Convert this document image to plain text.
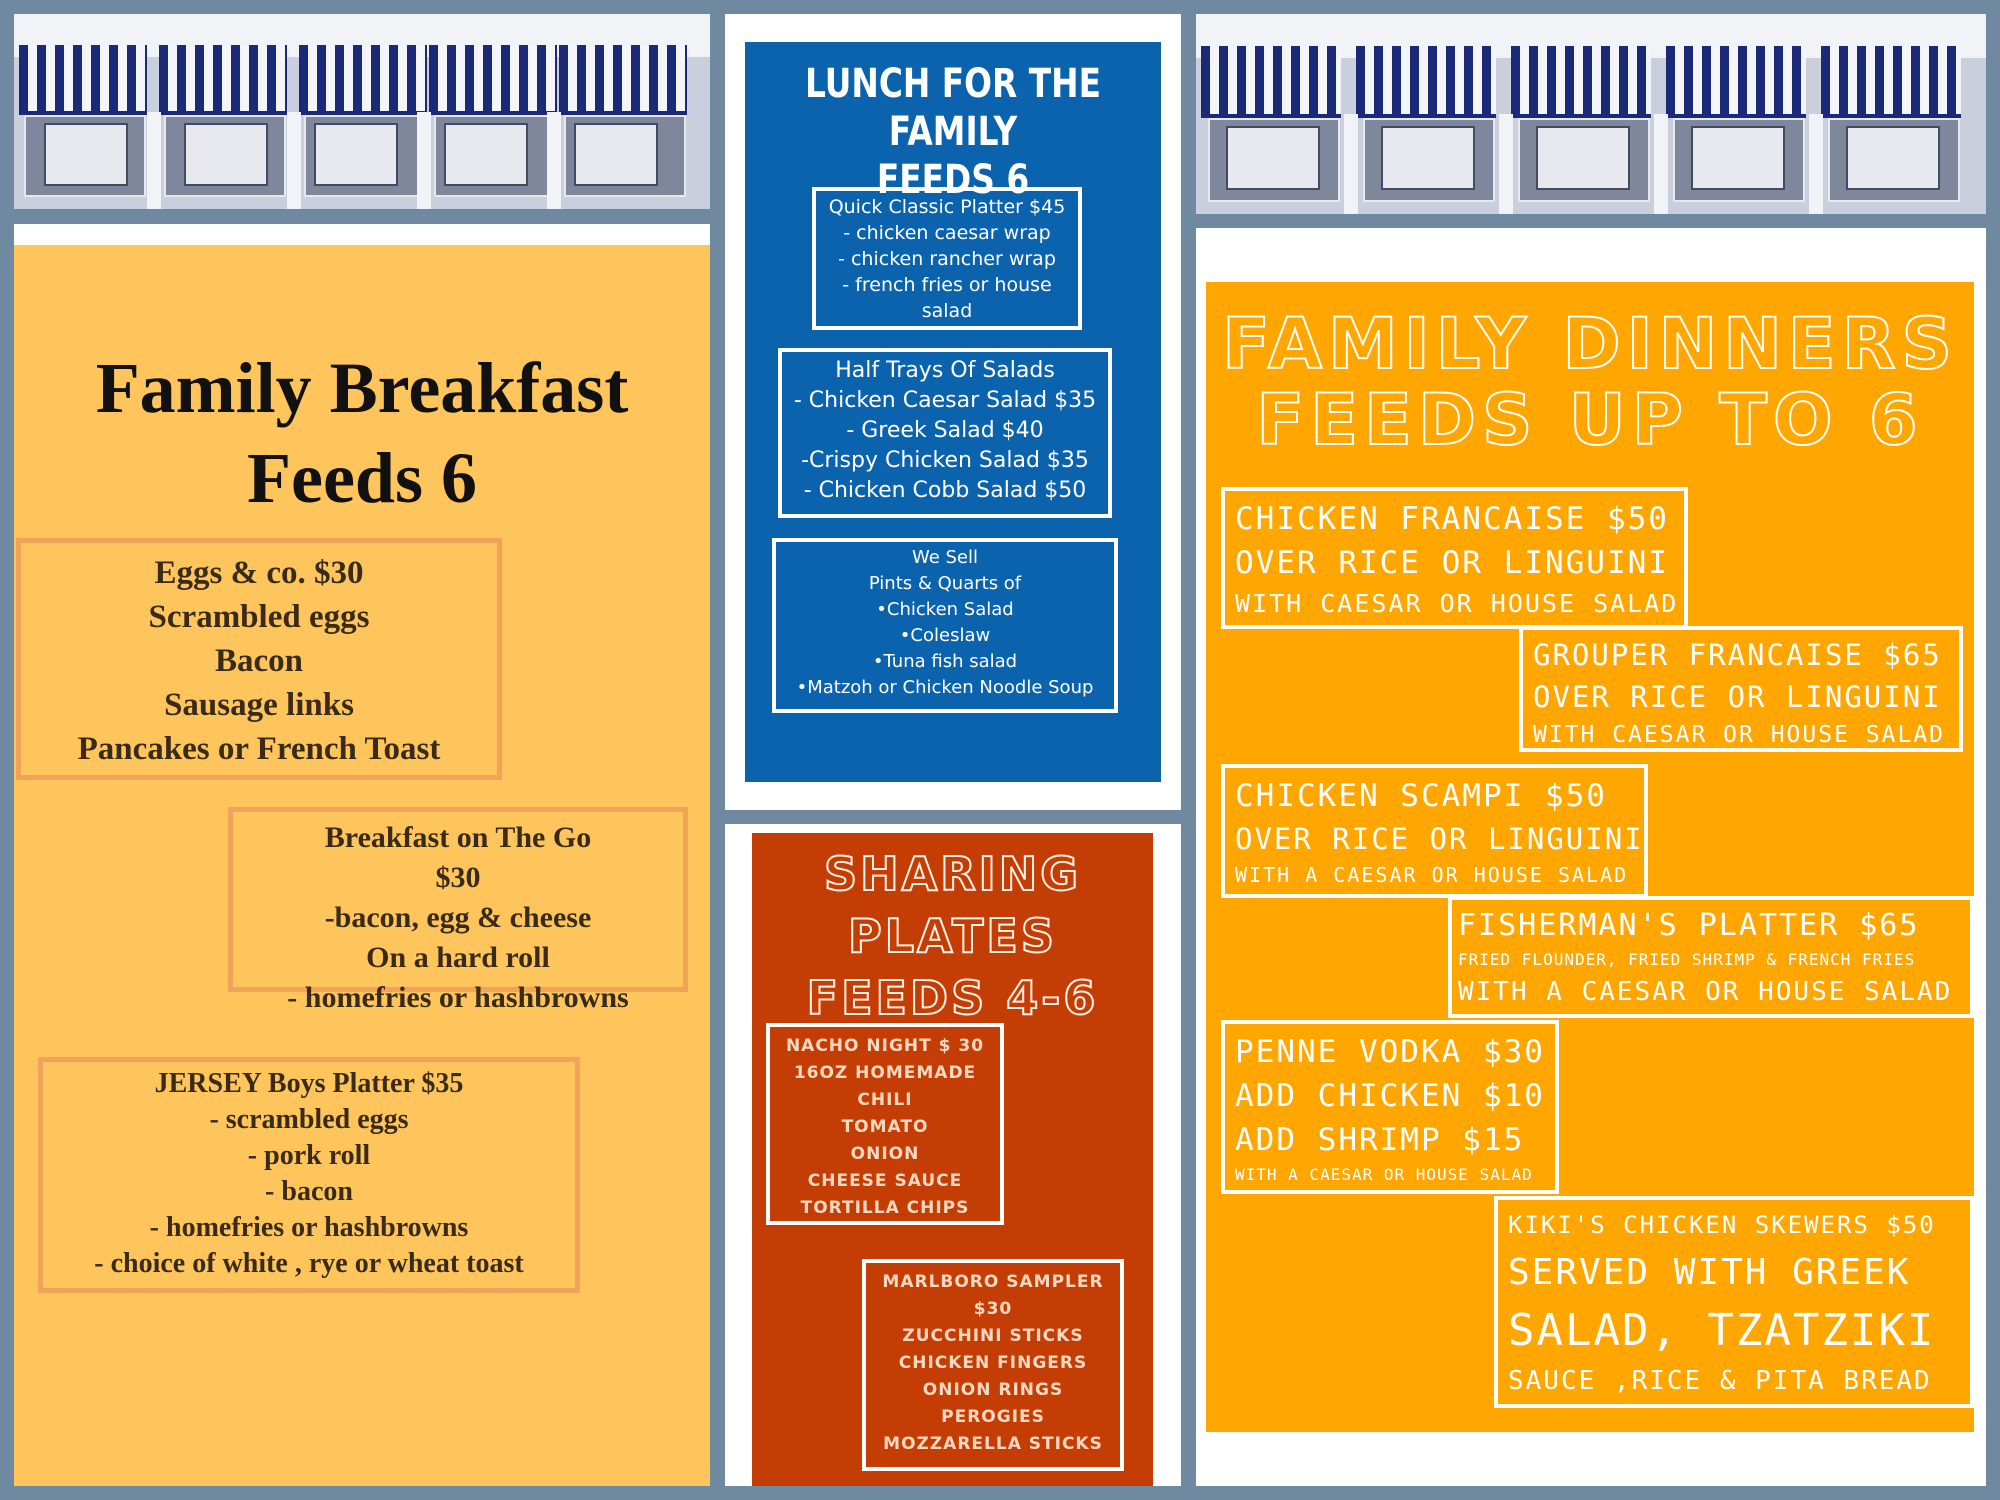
Family Breakfast
Feeds 6
Eggs & co. $30
Scrambled eggs
Bacon
Sausage links
Pancakes or French Toast
Breakfast on The Go
$30
-bacon, egg & cheese
On a hard roll
- homefries or hashbrowns
JERSEY Boys Platter $35
- scrambled eggs
- pork roll
- bacon
- homefries or hashbrowns
- choice of white , rye or wheat toast
LUNCH FOR THE FAMILY
FEEDS 6
Quick Classic Platter $45
- chicken caesar wrap
- chicken rancher wrap
- french fries or house
salad
Half Trays Of Salads
- Chicken Caesar Salad $35
- Greek Salad $40
-Crispy Chicken Salad $35
- Chicken Cobb Salad $50
We Sell
Pints & Quarts of
•Chicken Salad
•Coleslaw
•Tuna fish salad
•Matzoh or Chicken Noodle Soup
SHARING
PLATES
FEEDS 4-6
NACHO NIGHT $ 30
16OZ HOMEMADE
CHILI
TOMATO
ONION
CHEESE SAUCE
TORTILLA CHIPS
MARLBORO SAMPLER
$30
ZUCCHINI STICKS
CHICKEN FINGERS
ONION RINGS
PEROGIES
MOZZARELLA STICKS
FAMILY DINNERS
FEEDS UP TO 6
CHICKEN FRANCAISE $50
OVER RICE OR LINGUINI
WITH CAESAR OR HOUSE SALAD
GROUPER FRANCAISE $65
OVER RICE OR LINGUINI
WITH CAESAR OR HOUSE SALAD
CHICKEN SCAMPI $50
OVER RICE OR LINGUINI
WITH A CAESAR OR HOUSE SALAD
FISHERMAN'S PLATTER $65
FRIED FLOUNDER, FRIED SHRIMP & FRENCH FRIES
WITH A CAESAR OR HOUSE SALAD
PENNE VODKA $30
ADD CHICKEN $10
ADD SHRIMP $15
WITH A CAESAR OR HOUSE SALAD
KIKI'S CHICKEN SKEWERS $50
SERVED WITH GREEK
SALAD, TZATZIKI
SAUCE ,RICE & PITA BREAD
